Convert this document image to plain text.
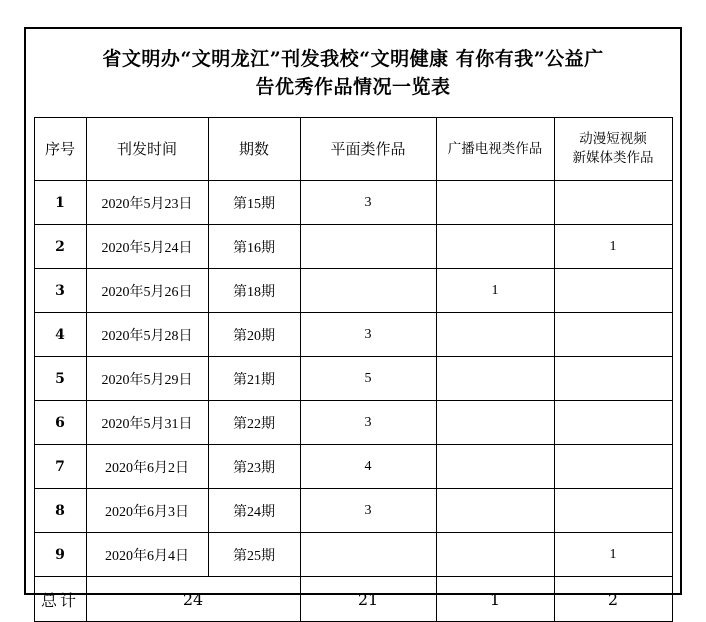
省文明办“文明龙江”刊发我校“文明健康 有你有我”公益广
告优秀作品情况一览表
序号	刊发时间	期数	平面类作品	广播电视类作品	动漫短视频
新媒体类作品

1	2020年5月23日	第15期	3		
2	2020年5月24日	第16期			1
3	2020年5月26日	第18期		1	
4	2020年5月28日	第20期	3		
5	2020年5月29日	第21期	5		
6	2020年5月31日	第22期	3		
7	2020年6月2日	第23期	4		
8	2020年6月3日	第24期	3		
9	2020年6月4日	第25期			1
总计	24		21	1	2
